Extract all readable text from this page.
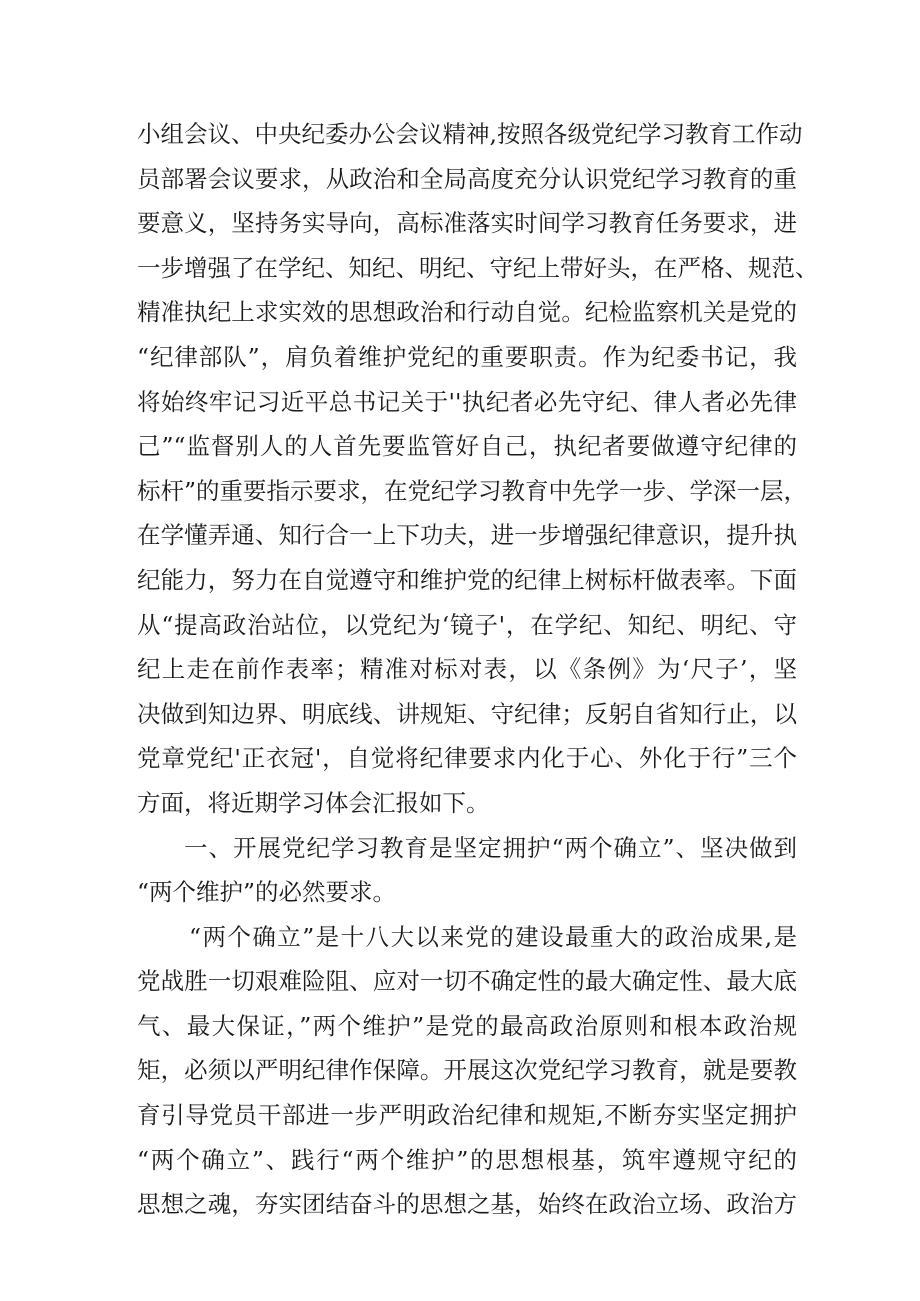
小组会议、中央纪委办公会议精神,按照各级党纪学习教育工作动
员部署会议要求，从政治和全局高度充分认识党纪学习教育的重
要意义，坚持务实导向，高标准落实时间学习教育任务要求，进
一步增强了在学纪、知纪、明纪、守纪上带好头，在严格、规范、
精准执纪上求实效的思想政治和行动自觉。纪检监察机关是党的
“纪律部队”，肩负着维护党纪的重要职责。作为纪委书记，我
将始终牢记习近平总书记关于''执纪者必先守纪、律人者必先律
己”“监督别人的人首先要监管好自己，执纪者要做遵守纪律的
标杆”的重要指示要求，在党纪学习教育中先学一步、学深一层，
在学懂弄通、知行合一上下功夫，进一步增强纪律意识，提升执
纪能力，努力在自觉遵守和维护党的纪律上树标杆做表率。下面
从“提高政治站位，以党纪为‘镜子'，在学纪、知纪、明纪、守
纪上走在前作表率；精准对标对表，以《条例》为‘尺子’，坚
决做到知边界、明底线、讲规矩、守纪律；反躬自省知行止，以
党章党纪'正衣冠'，自觉将纪律要求内化于心、外化于行”三个
方面，将近期学习体会汇报如下。
一、开展党纪学习教育是坚定拥护“两个确立”、坚决做到
“两个维护”的必然要求。
“两个确立”是十八大以来党的建设最重大的政治成果,是
党战胜一切艰难险阻、应对一切不确定性的最大确定性、最大底
气、最大保证，”两个维护”是党的最高政治原则和根本政治规
矩，必须以严明纪律作保障。开展这次党纪学习教育，就是要教
育引导党员干部进一步严明政治纪律和规矩,不断夯实坚定拥护
“两个确立”、践行“两个维护”的思想根基，筑牢遵规守纪的
思想之魂，夯实团结奋斗的思想之基，始终在政治立场、政治方
